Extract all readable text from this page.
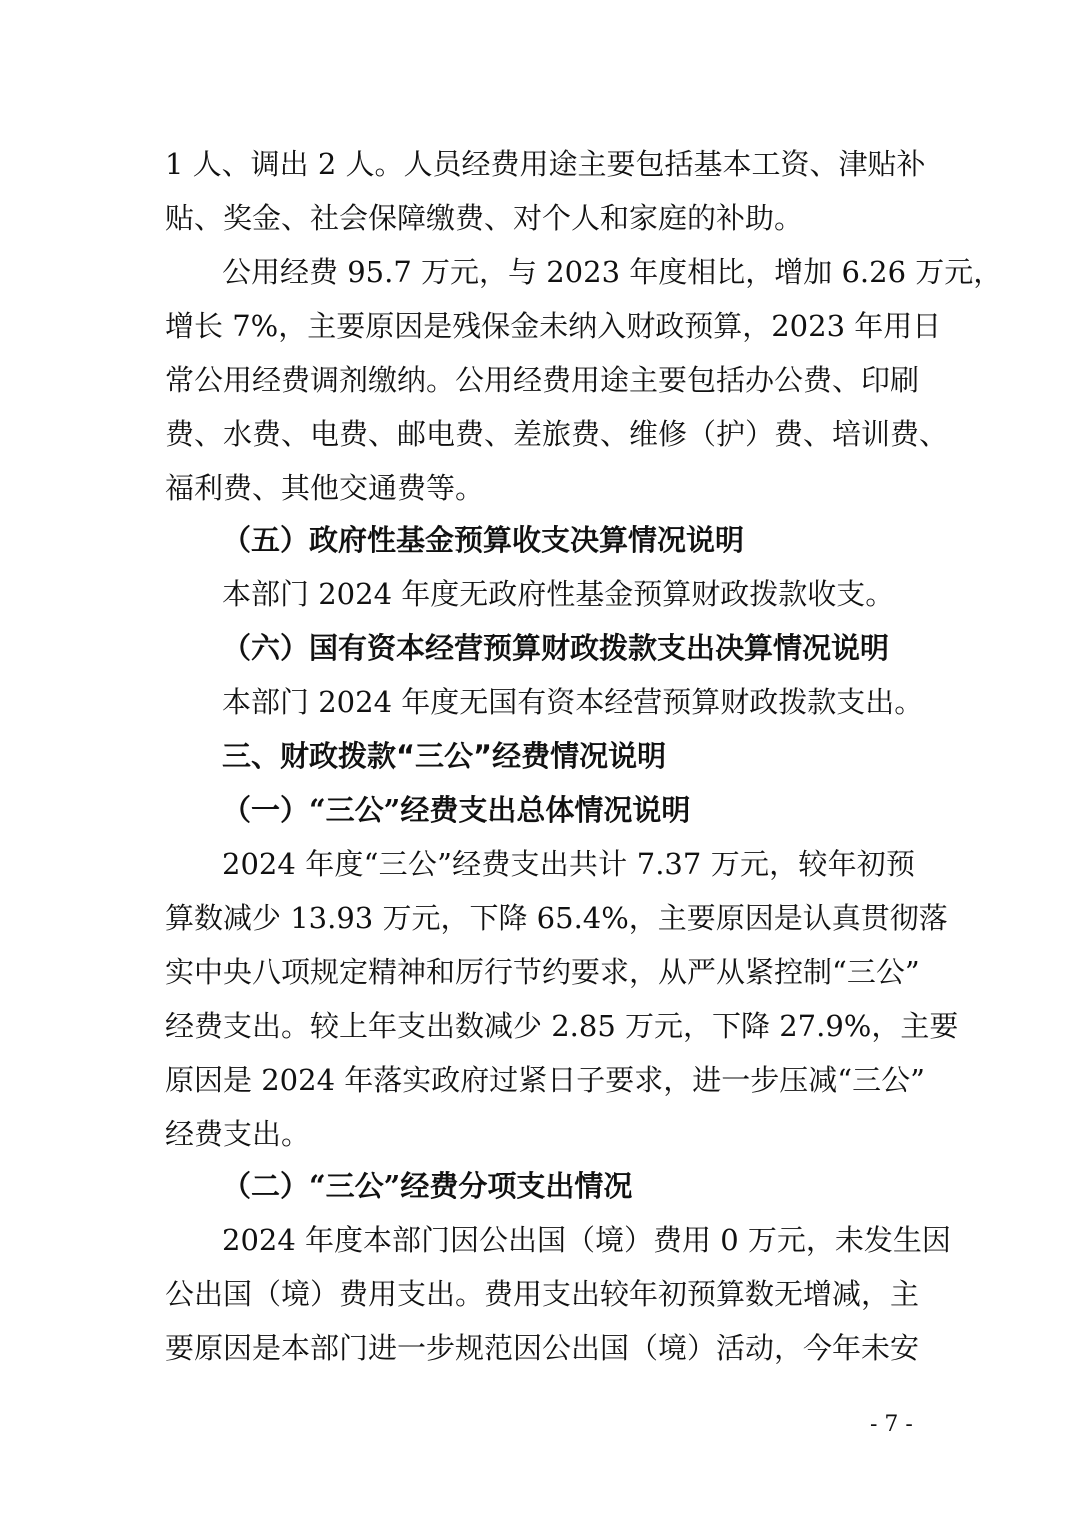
1 人、调出 2 人。人员经费用途主要包括基本工资、津贴补
贴、奖金、社会保障缴费、对个人和家庭的补助。
公用经费 95.7 万元，与 2023 年度相比，增加 6.26 万元，
增长 7%，主要原因是残保金未纳入财政预算，2023 年用日
常公用经费调剂缴纳。公用经费用途主要包括办公费、印刷
费、水费、电费、邮电费、差旅费、维修（护）费、培训费、
福利费、其他交通费等。
（五）政府性基金预算收支决算情况说明
本部门 2024 年度无政府性基金预算财政拨款收支。
（六）国有资本经营预算财政拨款支出决算情况说明
本部门 2024 年度无国有资本经营预算财政拨款支出。
三、财政拨款“三公”经费情况说明
（一）“三公”经费支出总体情况说明
2024 年度“三公”经费支出共计 7.37 万元，较年初预
算数减少 13.93 万元，下降 65.4%，主要原因是认真贯彻落
实中央八项规定精神和厉行节约要求，从严从紧控制“三公”
经费支出。较上年支出数减少 2.85 万元，下降 27.9%，主要
原因是 2024 年落实政府过紧日子要求，进一步压减“三公”
经费支出。
（二）“三公”经费分项支出情况
2024 年度本部门因公出国（境）费用 0 万元，未发生因
公出国（境）费用支出。费用支出较年初预算数无增减，主
要原因是本部门进一步规范因公出国（境）活动，今年未安
- 7 -
